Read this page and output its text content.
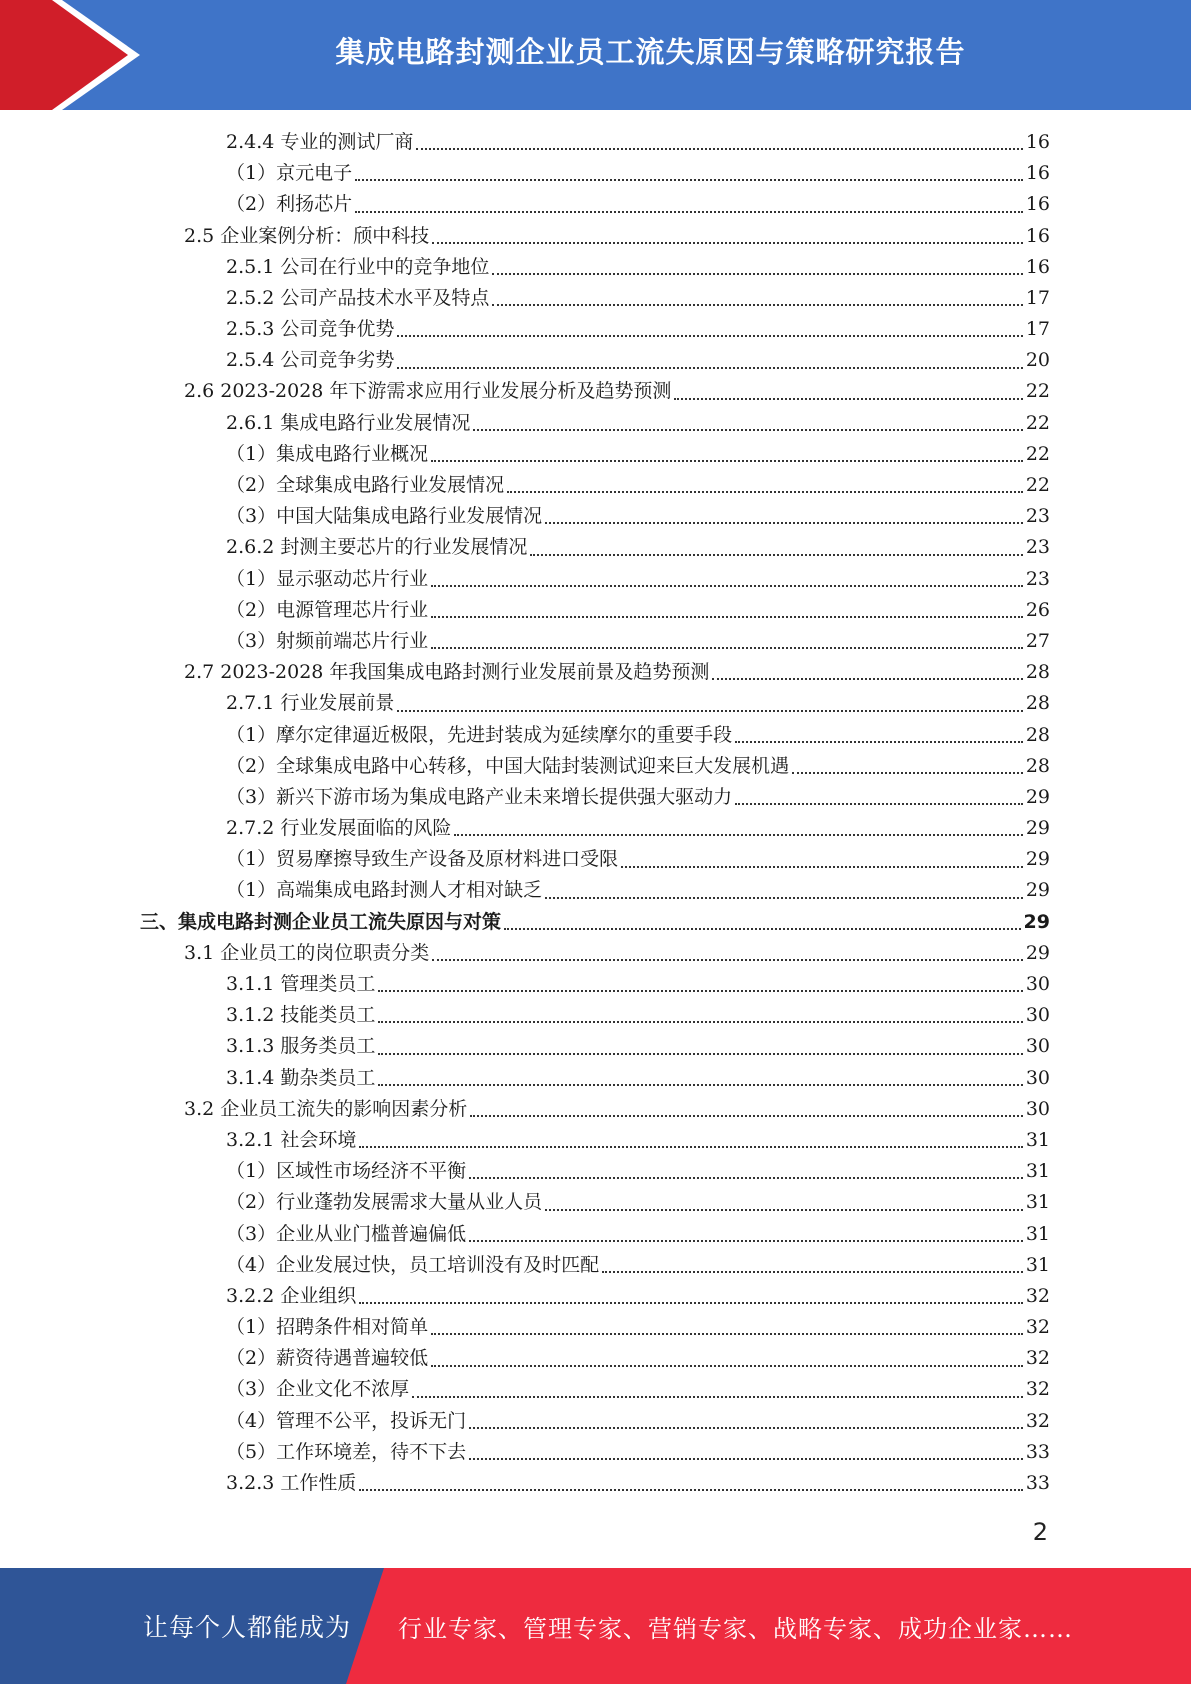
集成电路封测企业员工流失原因与策略研究报告
2.4.4 专业的测试厂商	16
（1）京元电子	16
（2）利扬芯片	16
2.5 企业案例分析：颀中科技	16
2.5.1 公司在行业中的竞争地位	16
2.5.2 公司产品技术水平及特点	17
2.5.3 公司竞争优势	17
2.5.4 公司竞争劣势	20
2.6 2023-2028 年下游需求应用行业发展分析及趋势预测	22
2.6.1 集成电路行业发展情况	22
（1）集成电路行业概况	22
（2）全球集成电路行业发展情况	22
（3）中国大陆集成电路行业发展情况	23
2.6.2 封测主要芯片的行业发展情况	23
（1）显示驱动芯片行业	23
（2）电源管理芯片行业	26
（3）射频前端芯片行业	27
2.7 2023-2028 年我国集成电路封测行业发展前景及趋势预测	28
2.7.1 行业发展前景	28
（1）摩尔定律逼近极限，先进封装成为延续摩尔的重要手段	28
（2）全球集成电路中心转移，中国大陆封装测试迎来巨大发展机遇	28
（3）新兴下游市场为集成电路产业未来增长提供强大驱动力	29
2.7.2 行业发展面临的风险	29
（1）贸易摩擦导致生产设备及原材料进口受限	29
（1）高端集成电路封测人才相对缺乏	29
三、集成电路封测企业员工流失原因与对策	29
3.1 企业员工的岗位职责分类	29
3.1.1 管理类员工	30
3.1.2 技能类员工	30
3.1.3 服务类员工	30
3.1.4 勤杂类员工	30
3.2 企业员工流失的影响因素分析	30
3.2.1 社会环境	31
（1）区域性市场经济不平衡	31
（2）行业蓬勃发展需求大量从业人员	31
（3）企业从业门槛普遍偏低	31
（4）企业发展过快，员工培训没有及时匹配	31
3.2.2 企业组织	32
（1）招聘条件相对简单	32
（2）薪资待遇普遍较低	32
（3）企业文化不浓厚	32
（4）管理不公平，投诉无门	32
（5）工作环境差，待不下去	33
3.2.3 工作性质	33
2
让每个人都能成为 行业专家、管理专家、营销专家、战略专家、成功企业家……
